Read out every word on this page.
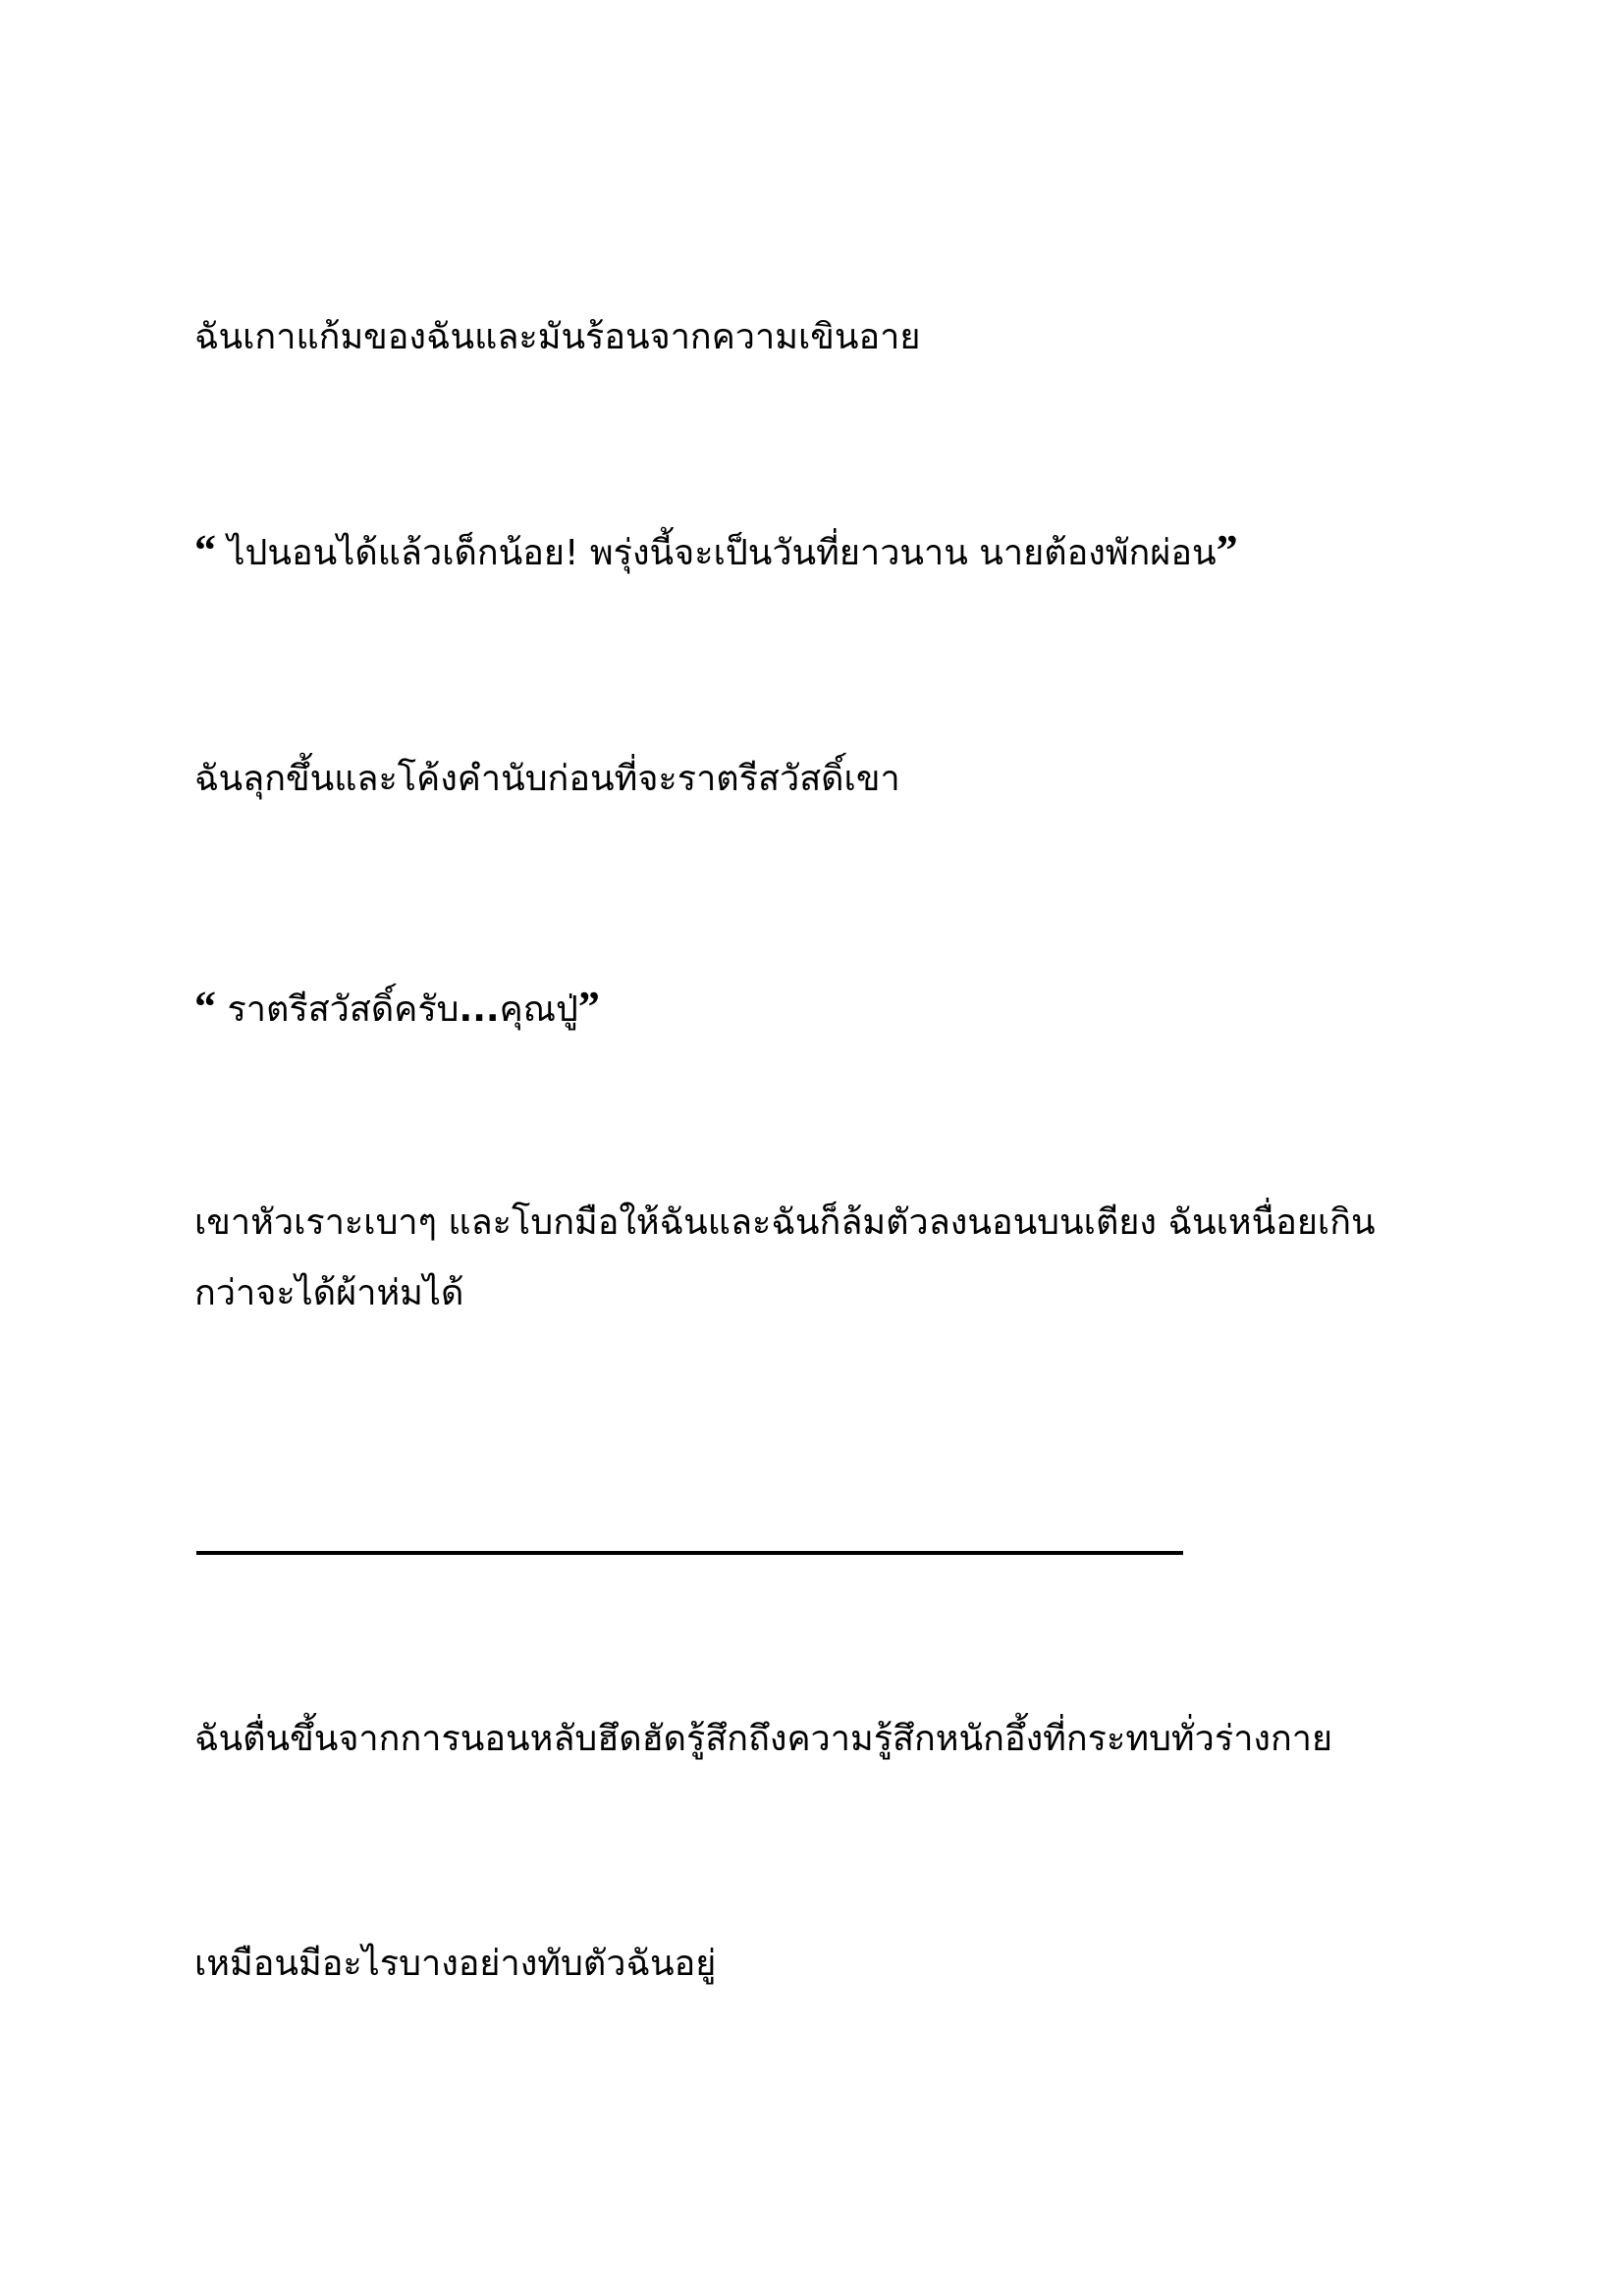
ฉันเกาแก้มของฉันและมันร้อนจากความเขินอาย

“ ไปนอนได้แล้วเด็กน้อย! พรุ่งนี้จะเป็นวันที่ยาวนาน นายต้องพักผ่อน”

ฉันลุกขึ้นและโค้งคำนับก่อนที่จะราตรีสวัสดิ์เขา

“ ราตรีสวัสดิ์ครับ...คุณปู่”

เขาหัวเราะเบาๆ และโบกมือให้ฉันและฉันก็ล้มตัวลงนอนบนเตียง ฉันเหนื่อยเกินกว่าจะได้ผ้าห่มได้

ฉันตื่นขึ้นจากการนอนหลับฮึดฮัดรู้สึกถึงความรู้สึกหนักอึ้งที่กระทบทั่วร่างกาย

เหมือนมีอะไรบางอย่างทับตัวฉันอยู่
